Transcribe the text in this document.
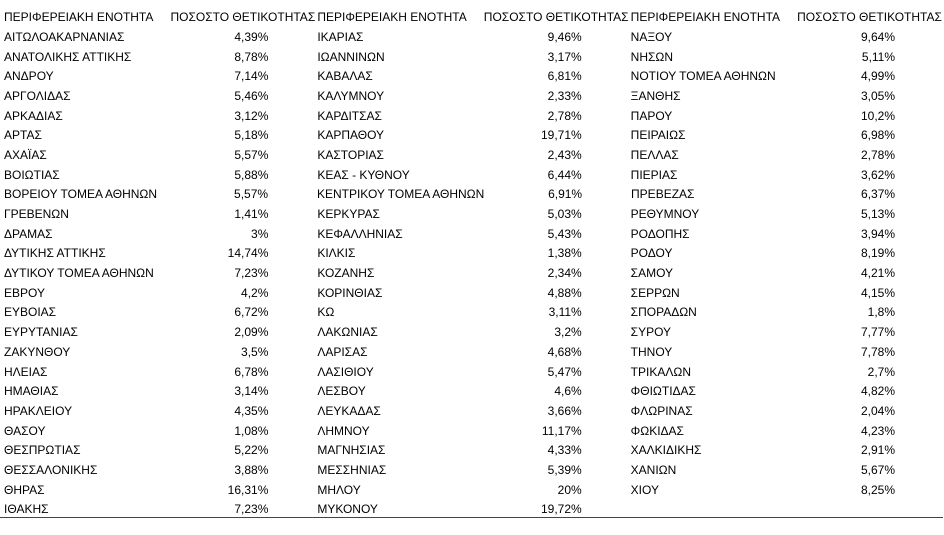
ΠΕΡΙΦΕΡΕΙΑΚΗ ΕΝΟΤΗΤΑ	ΠΟΣΟΣΤΟ ΘΕΤΙΚΟΤΗΤΑΣ ΠΕΡΙΦΕΡΕΙΑΚΗ ΕΝΟΤΗΤΑ	ΠΟΣΟΣΤΟ ΘΕΤΙΚΟΤΗΤΑΣ ΠΕΡΙΦΕΡΕΙΑΚΗ ΕΝΟΤΗΤΑ	ΠΟΣΟΣΤΟ ΘΕΤΙΚΟΤΗΤΑΣ
ΑΙΤΩΛΟΑΚΑΡΝΑΝΙΑΣ	4,39%	ΙΚΑΡΙΑΣ	9,46%	ΝΑΞΟΥ	9,64%
ΑΝΑΤΟΛΙΚΗΣ ΑΤΤΙΚΗΣ	8,78%	ΙΩΑΝΝΙΝΩΝ	3,17%	ΝΗΣΩΝ	5,11%
ΑΝΔΡΟΥ	7,14%	ΚΑΒΑΛΑΣ	6,81%	ΝΟΤΙΟΥ ΤΟΜΕΑ ΑΘΗΝΩΝ	4,99%
ΑΡΓΟΛΙΔΑΣ	5,46%	ΚΑΛΥΜΝΟΥ	2,33%	ΞΑΝΘΗΣ	3,05%
ΑΡΚΑΔΙΑΣ	3,12%	ΚΑΡΔΙΤΣΑΣ	2,78%	ΠΑΡΟΥ	10,2%
ΑΡΤΑΣ	5,18%	ΚΑΡΠΑΘΟΥ	19,71%	ΠΕΙΡΑΙΩΣ	6,98%
ΑΧΑΪΑΣ	5,57%	ΚΑΣΤΟΡΙΑΣ	2,43%	ΠΕΛΛΑΣ	2,78%
ΒΟΙΩΤΙΑΣ	5,88%	ΚΕΑΣ - ΚΥΘΝΟΥ	6,44%	ΠΙΕΡΙΑΣ	3,62%
ΒΟΡΕΙΟΥ ΤΟΜΕΑ ΑΘΗΝΩΝ	5,57%	ΚΕΝΤΡΙΚΟΥ ΤΟΜΕΑ ΑΘΗΝΩΝ	6,91%	ΠΡΕΒΕΖΑΣ	6,37%
ΓΡΕΒΕΝΩΝ	1,41%	ΚΕΡΚΥΡΑΣ	5,03%	ΡΕΘΥΜΝΟΥ	5,13%
ΔΡΑΜΑΣ	3%	ΚΕΦΑΛΛΗΝΙΑΣ	5,43%	ΡΟΔΟΠΗΣ	3,94%
ΔΥΤΙΚΗΣ ΑΤΤΙΚΗΣ	14,74%	ΚΙΛΚΙΣ	1,38%	ΡΟΔΟΥ	8,19%
ΔΥΤΙΚΟΥ ΤΟΜΕΑ ΑΘΗΝΩΝ	7,23%	ΚΟΖΑΝΗΣ	2,34%	ΣΑΜΟΥ	4,21%
ΕΒΡΟΥ	4,2%	ΚΟΡΙΝΘΙΑΣ	4,88%	ΣΕΡΡΩΝ	4,15%
ΕΥΒΟΙΑΣ	6,72%	ΚΩ	3,11%	ΣΠΟΡΑΔΩΝ	1,8%
ΕΥΡΥΤΑΝΙΑΣ	2,09%	ΛΑΚΩΝΙΑΣ	3,2%	ΣΥΡΟΥ	7,77%
ΖΑΚΥΝΘΟΥ	3,5%	ΛΑΡΙΣΑΣ	4,68%	ΤΗΝΟΥ	7,78%
ΗΛΕΙΑΣ	6,78%	ΛΑΣΙΘΙΟΥ	5,47%	ΤΡΙΚΑΛΩΝ	2,7%
ΗΜΑΘΙΑΣ	3,14%	ΛΕΣΒΟΥ	4,6%	ΦΘΙΩΤΙΔΑΣ	4,82%
ΗΡΑΚΛΕΙΟΥ	4,35%	ΛΕΥΚΑΔΑΣ	3,66%	ΦΛΩΡΙΝΑΣ	2,04%
ΘΑΣΟΥ	1,08%	ΛΗΜΝΟΥ	11,17%	ΦΩΚΙΔΑΣ	4,23%
ΘΕΣΠΡΩΤΙΑΣ	5,22%	ΜΑΓΝΗΣΙΑΣ	4,33%	ΧΑΛΚΙΔΙΚΗΣ	2,91%
ΘΕΣΣΑΛΟΝΙΚΗΣ	3,88%	ΜΕΣΣΗΝΙΑΣ	5,39%	ΧΑΝΙΩΝ	5,67%
ΘΗΡΑΣ	16,31%	ΜΗΛΟΥ	20%	ΧΙΟΥ	8,25%
ΙΘΑΚΗΣ	7,23%	ΜΥΚΟΝΟΥ	19,72%
